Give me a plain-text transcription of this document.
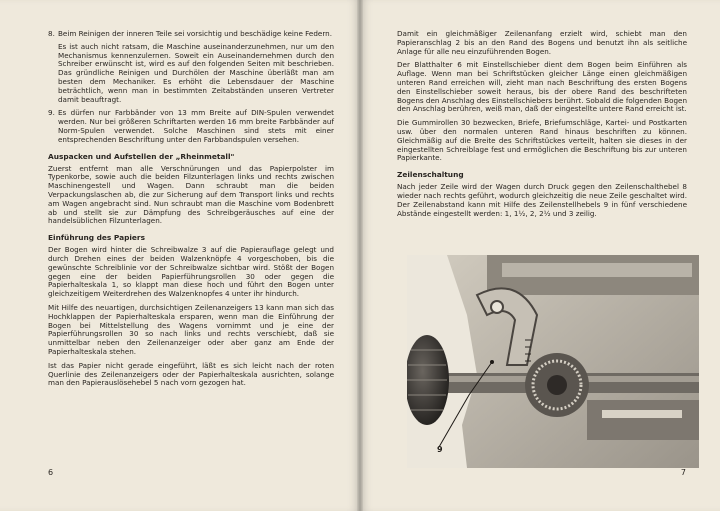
8. Beim Reinigen der inneren Teile sei vorsichtig und beschädige keine Federn.

Es ist auch nicht ratsam, die Maschine auseinanderzunehmen, nur um den Mechanismus kennenzulernen. Soweit ein Auseinandernehmen durch den Schreiber erwünscht ist, wird es auf den folgenden Seiten mit beschrieben. Das gründliche Reinigen und Durchölen der Maschine überläßt man am besten dem Mechaniker. Es erhöht die Lebensdauer der Maschine beträchtlich, wenn man in bestimmten Zeitabständen unseren Vertreter damit beauftragt.

9. Es dürfen nur Farbbänder von 13 mm Breite auf DIN-Spulen verwendet werden. Nur bei größeren Schriftarten werden 16 mm breite Farbbänder auf Norm-Spulen verwendet. Solche Maschinen sind stets mit einer entsprechenden Beschriftung unter den Farbbandspulen versehen.
Auspacken und Aufstellen der „Rheinmetall"

Zuerst entfernt man alle Verschnürungen und das Papierpolster im Typenkorbe, sowie auch die beiden Filzunterlagen links und rechts zwischen Maschinengestell und Wagen. Dann schraubt man die beiden Verpackungslaschen ab, die zur Sicherung auf dem Transport links und rechts am Wagen angebracht sind. Nun schraubt man die Maschine vom Bodenbrett ab und stellt sie zur Dämpfung des Schreibgeräusches auf eine der handelsüblichen Filzunterlagen.

Einführung des Papiers

Der Bogen wird hinter die Schreibwalze 3 auf die Papierauflage gelegt und durch Drehen eines der beiden Walzenknöpfe 4 vorgeschoben, bis die gewünschte Schreiblinie vor der Schreibwalze sichtbar wird. Stößt der Bogen gegen eine der beiden Papierführungsrollen 30 oder gegen die Papierhalteskala 1, so klappt man diese hoch und führt den Bogen unter gleichzeitigem Weiterdrehen des Walzenknopfes 4 unter ihr hindurch.

Mit Hilfe des neuartigen, durchsichtigen Zeilenanzeigers 13 kann man sich das Hochklappen der Papierhalteskala ersparen, wenn man die Einführung der Bogen bei Mittelstellung des Wagens vornimmt und je eine der Papierführungsrollen 30 so nach links und rechts verschiebt, daß sie unmittelbar neben den Zeilenanzeiger oder aber ganz am Ende der Papierhalteskala stehen.

Ist das Papier nicht gerade eingeführt, läßt es sich leicht nach der roten Querlinie des Zeilenanzeigers oder der Papierhalteskala ausrichten, solange man den Papierauslösehebel 5 nach vorn gezogen hat.

6

Damit ein gleichmäßiger Zeilenanfang erzielt wird, schiebt man den Papieranschlag 2 bis an den Rand des Bogens und benutzt ihn als seitliche Anlage für alle neu einzuführenden Bogen.

Der Blatthalter 6 mit Einstellschieber dient dem Bogen beim Einführen als Auflage. Wenn man bei Schriftstücken gleicher Länge einen gleichmäßigen unteren Rand erreichen will, zieht man nach Beschriftung des ersten Bogens den Einstellschieber soweit heraus, bis der obere Rand des beschrifteten Bogens den Anschlag des Einstellschiebers berührt. Sobald die folgenden Bogen den Anschlag berühren, weiß man, daß der eingestellte untere Rand erreicht ist.

Die Gummirollen 30 bezwecken, Briefe, Briefumschläge, Kartei- und Postkarten usw. über den normalen unteren Rand hinaus beschriften zu können. Gleichmäßig auf die Breite des Schriftstückes verteilt, halten sie dieses in der eingestellten Schreiblage fest und ermöglichen die Beschriftung bis zur unteren Papierkante.

Zeilenschaltung

Nach jeder Zeile wird der Wagen durch Druck gegen den Zeilenschalthebel 8 wieder nach rechts geführt, wodurch gleichzeitig die neue Zeile geschaltet wird. Der Zeilenabstand kann mit Hilfe des Zeilenstellhebels 9 in fünf verschiedene Abstände eingestellt werden: 1, 1½, 2, 2½ und 3 zeilig.

7
9
